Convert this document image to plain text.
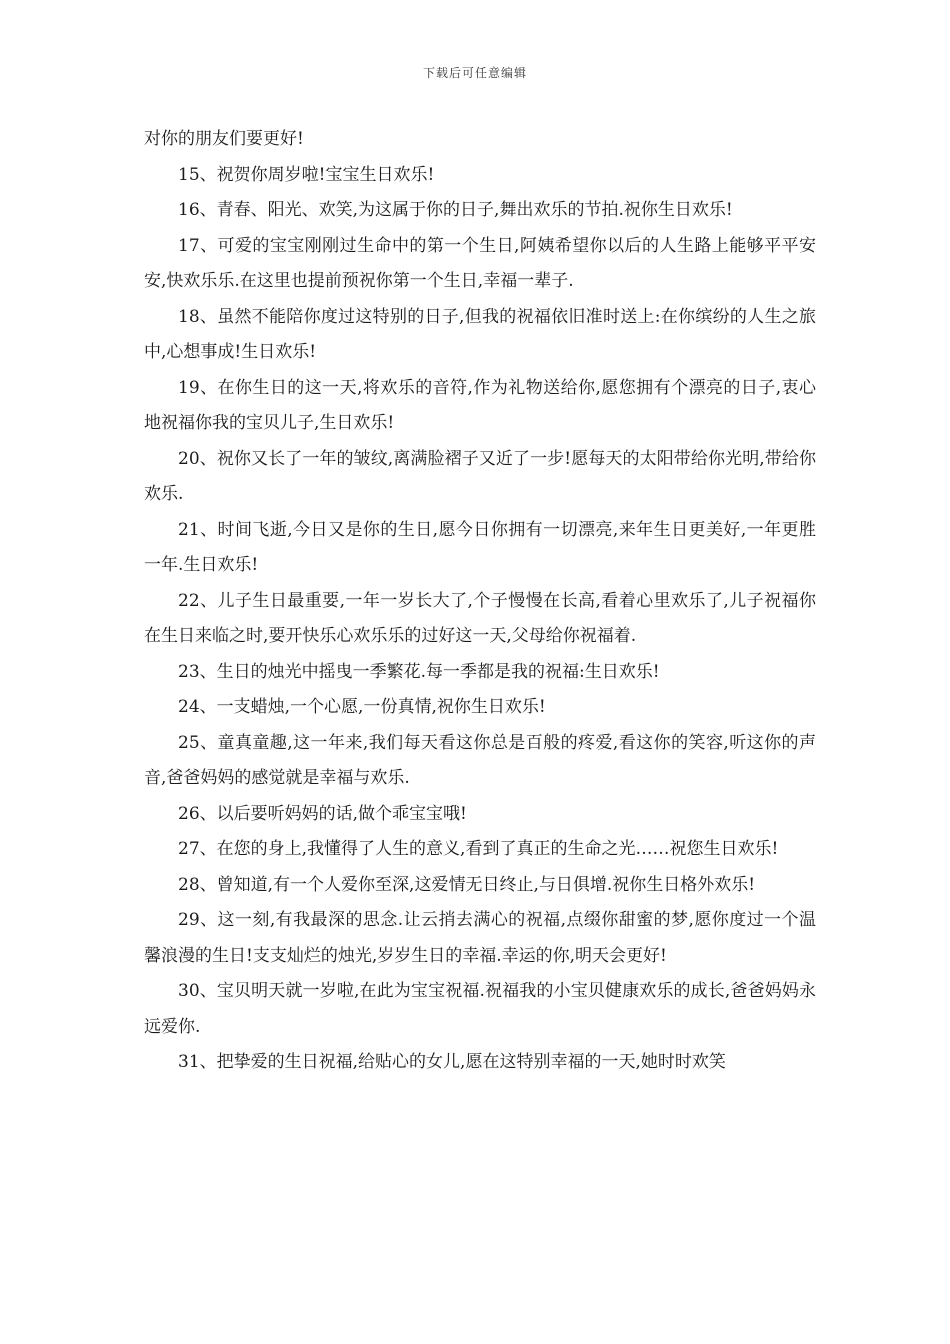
下载后可任意编辑

对你的朋友们要更好!

15、祝贺你周岁啦!宝宝生日欢乐!

16、青春、阳光、欢笑,为这属于你的日子,舞出欢乐的节拍.祝你生日欢乐!

17、可爱的宝宝刚刚过生命中的第一个生日,阿姨希望你以后的人生路上能够平平安安,快欢乐乐.在这里也提前预祝你第一个生日,幸福一辈子.

18、虽然不能陪你度过这特别的日子,但我的祝福依旧准时送上:在你缤纷的人生之旅中,心想事成!生日欢乐!

19、在你生日的这一天,将欢乐的音符,作为礼物送给你,愿您拥有个漂亮的日子,衷心地祝福你我的宝贝儿子,生日欢乐!

20、祝你又长了一年的皱纹,离满脸褶子又近了一步!愿每天的太阳带给你光明,带给你欢乐.

21、时间飞逝,今日又是你的生日,愿今日你拥有一切漂亮,来年生日更美好,一年更胜一年.生日欢乐!

22、儿子生日最重要,一年一岁长大了,个子慢慢在长高,看着心里欢乐了,儿子祝福你在生日来临之时,要开快乐心欢乐乐的过好这一天,父母给你祝福着.

23、生日的烛光中摇曳一季繁花.每一季都是我的祝福:生日欢乐!

24、一支蜡烛,一个心愿,一份真情,祝你生日欢乐!

25、童真童趣,这一年来,我们每天看这你总是百般的疼爱,看这你的笑容,听这你的声音,爸爸妈妈的感觉就是幸福与欢乐.

26、以后要听妈妈的话,做个乖宝宝哦!

27、在您的身上,我懂得了人生的意义,看到了真正的生命之光……祝您生日欢乐!

28、曾知道,有一个人爱你至深,这爱情无日终止,与日俱增.祝你生日格外欢乐!

29、这一刻,有我最深的思念.让云捎去满心的祝福,点缀你甜蜜的梦,愿你度过一个温馨浪漫的生日!支支灿烂的烛光,岁岁生日的幸福.幸运的你,明天会更好!

30、宝贝明天就一岁啦,在此为宝宝祝福.祝福我的小宝贝健康欢乐的成长,爸爸妈妈永远爱你.

31、把挚爱的生日祝福,给贴心的女儿,愿在这特别幸福的一天,她时时欢笑
